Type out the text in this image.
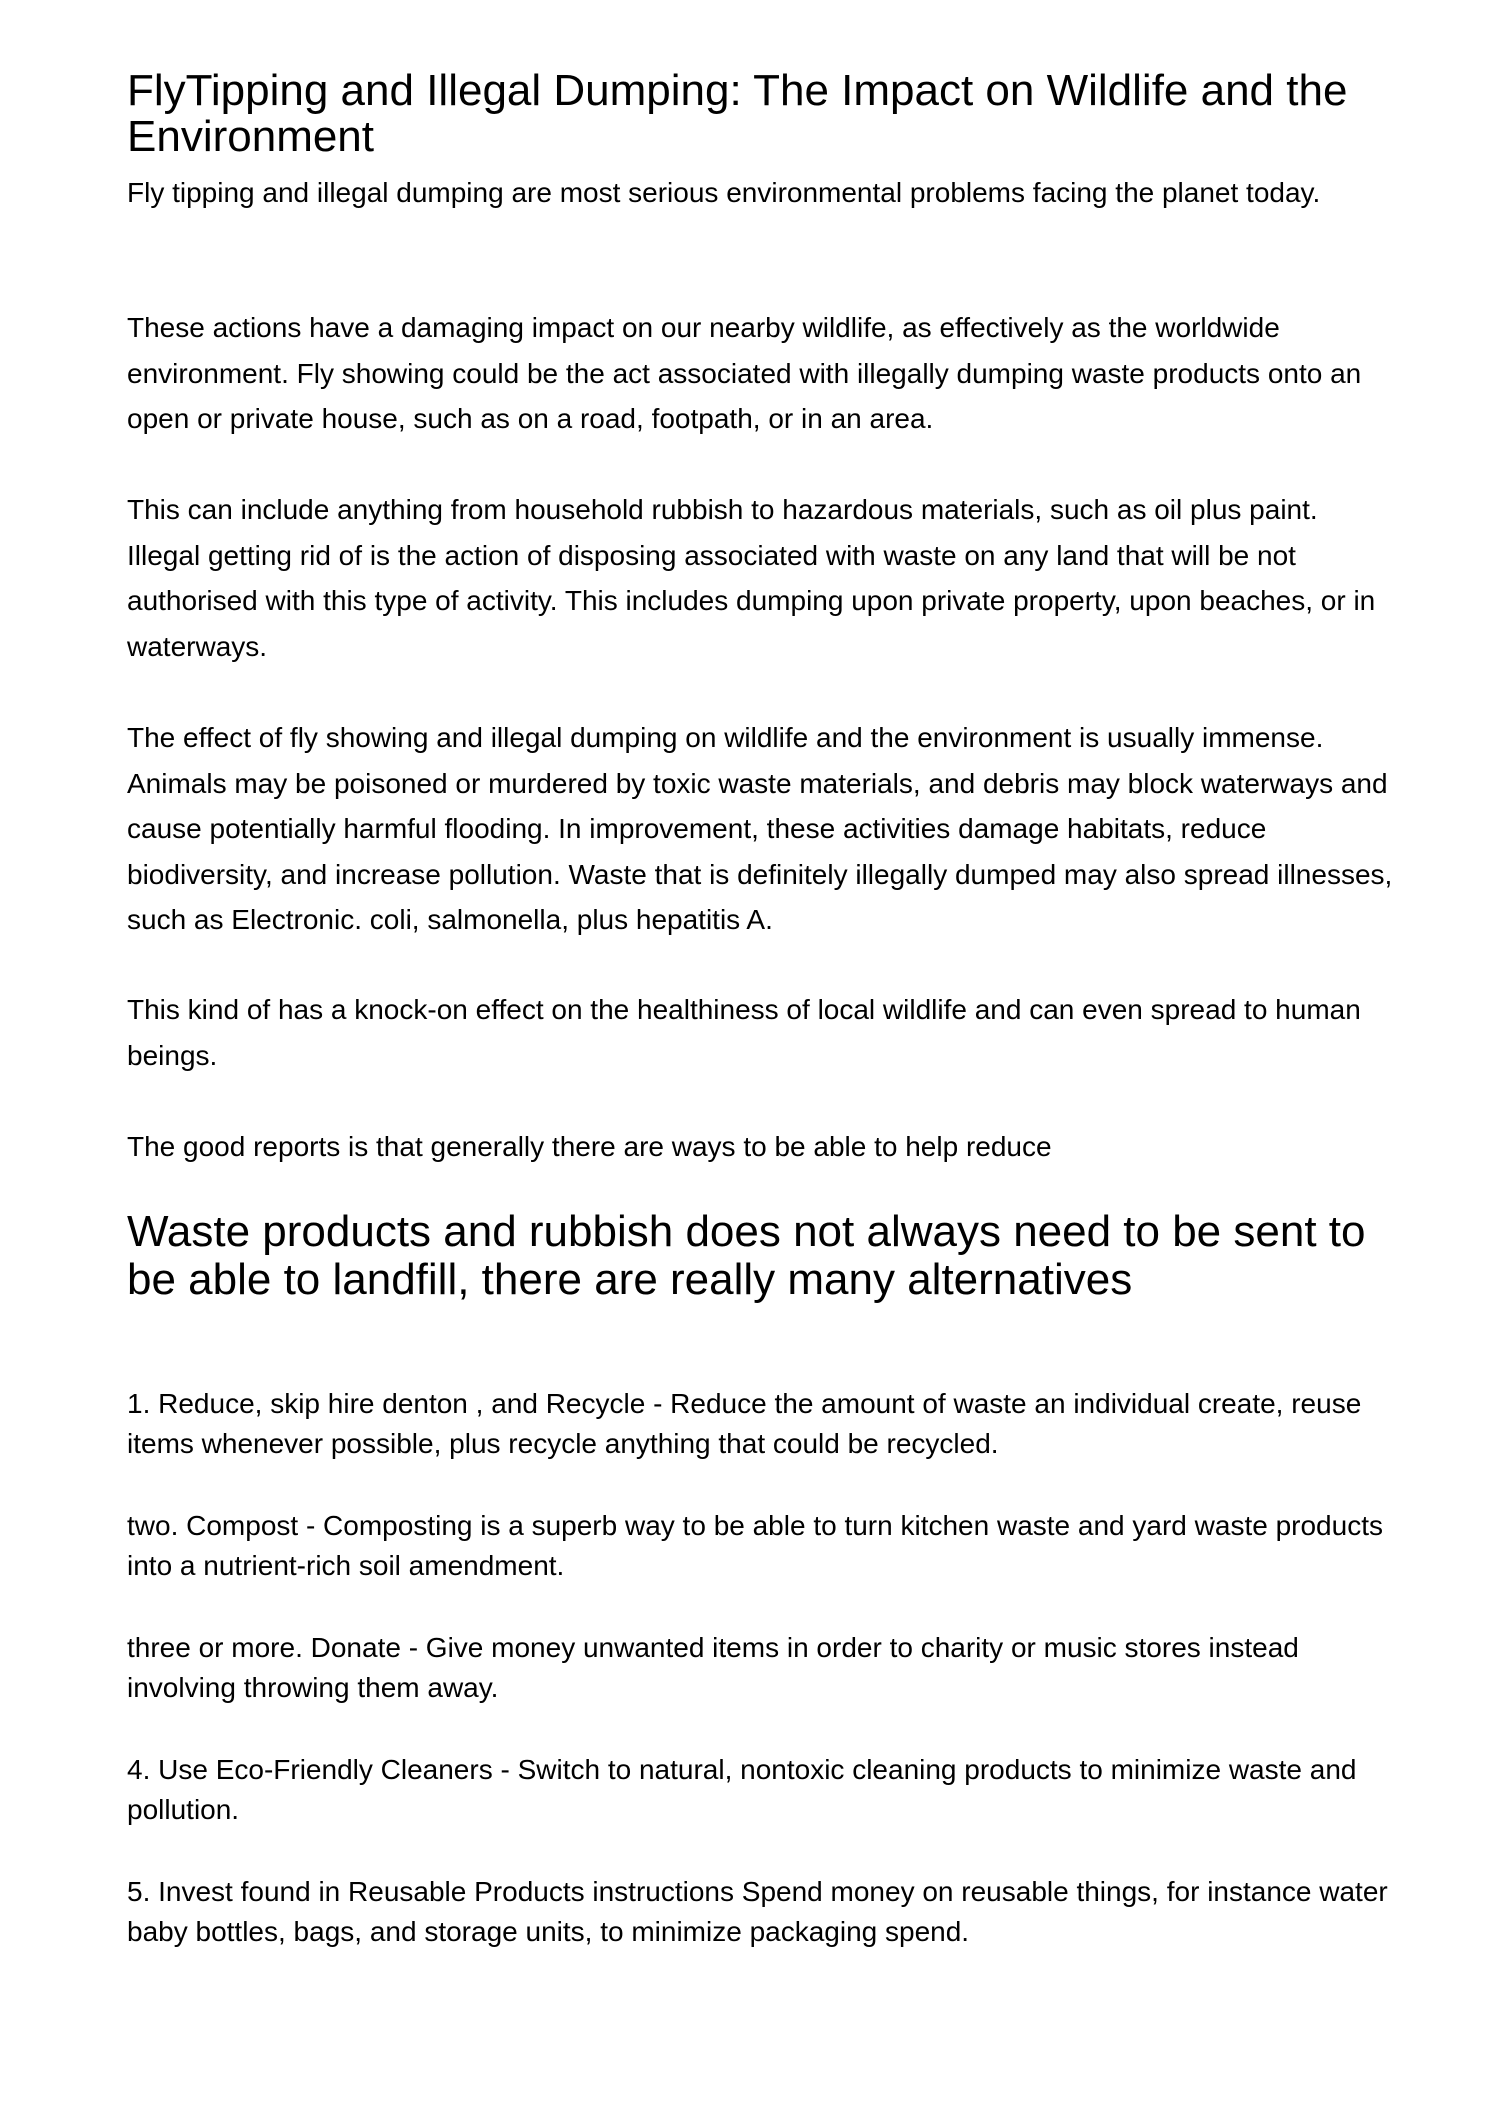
FlyTipping and Illegal Dumping: The Impact on Wildlife and the Environment

Fly tipping and illegal dumping are most serious environmental problems facing the planet today.

These actions have a damaging impact on our nearby wildlife, as effectively as the worldwide environment. Fly showing could be the act associated with illegally dumping waste products onto an open or private house, such as on a road, footpath, or in an area.

This can include anything from household rubbish to hazardous materials, such as oil plus paint. Illegal getting rid of is the action of disposing associated with waste on any land that will be not authorised with this type of activity. This includes dumping upon private property, upon beaches, or in waterways.

The effect of fly showing and illegal dumping on wildlife and the environment is usually immense. Animals may be poisoned or murdered by toxic waste materials, and debris may block waterways and cause potentially harmful flooding. In improvement, these activities damage habitats, reduce biodiversity, and increase pollution. Waste that is definitely illegally dumped may also spread illnesses, such as Electronic. coli, salmonella, plus hepatitis A.

This kind of has a knock-on effect on the healthiness of local wildlife and can even spread to human beings.

The good reports is that generally there are ways to be able to help reduce

Waste products and rubbish does not always need to be sent to be able to landfill, there are really many alternatives

1. Reduce, skip hire denton , and Recycle - Reduce the amount of waste an individual create, reuse items whenever possible, plus recycle anything that could be recycled.

two. Compost - Composting is a superb way to be able to turn kitchen waste and yard waste products into a nutrient-rich soil amendment.

three or more. Donate - Give money unwanted items in order to charity or music stores instead involving throwing them away.

4. Use Eco-Friendly Cleaners - Switch to natural, nontoxic cleaning products to minimize waste and pollution.

5. Invest found in Reusable Products instructions Spend money on reusable things, for instance water baby bottles, bags, and storage units, to minimize packaging spend.
